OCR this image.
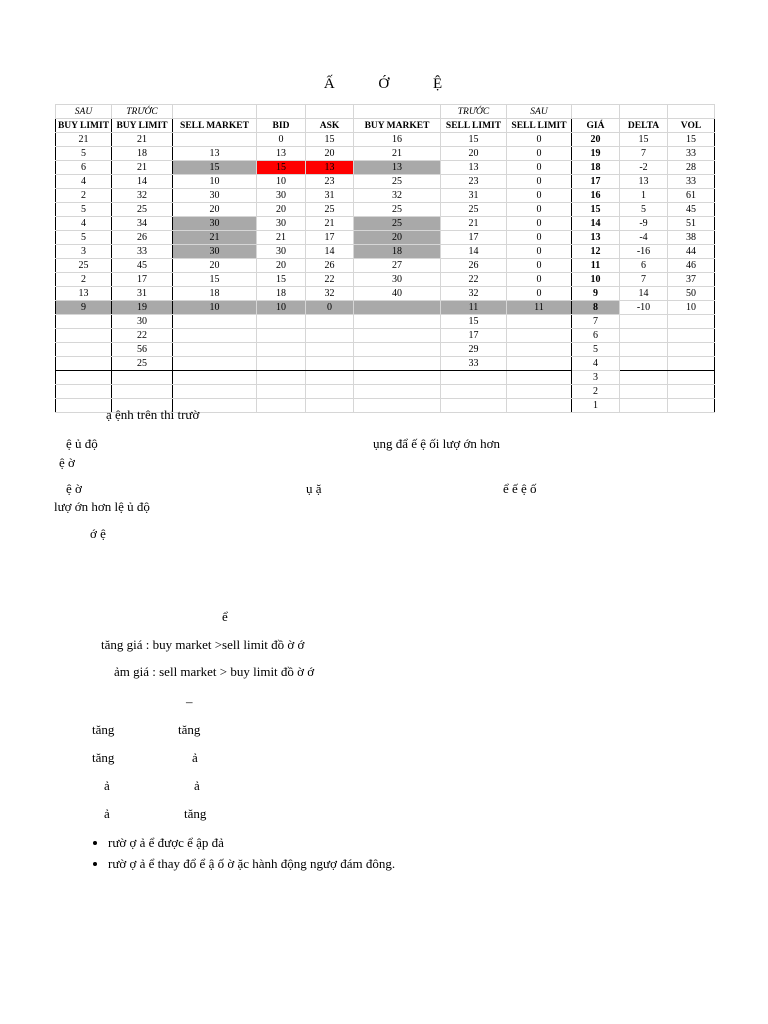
Ấ	Ớ	Ệ
SAU	TRƯỚC					TRƯỚC	SAU			
BUY LIMIT	BUY LIMIT	SELL MARKET	BID	ASK	BUY MARKET	SELL LIMIT	SELL LIMIT	GIÁ	DELTA	VOL
21	21		0	15	16	15	0	20	15	15
5	18	13	13	20	21	20	0	19	7	33
6	21	15	15	13	13	13	0	18	-2	28
4	14	10	10	23	25	23	0	17	13	33
2	32	30	30	31	32	31	0	16	1	61
5	25	20	20	25	25	25	0	15	5	45
4	34	30	30	21	25	21	0	14	-9	51
5	26	21	21	17	20	17	0	13	-4	38
3	33	30	30	14	18	14	0	12	-16	44
25	45	20	20	26	27	26	0	11	6	46
2	17	15	15	22	30	22	0	10	7	37
13	31	18	18	32	40	32	0	9	14	50
9	19	10	10	0		11	11	8	-10	10
	30					15		7		
	22					17		6		
	56					29		5		
	25					33		4		
								3		
								2		
								1		
ạ ệnh trên thi trườ
ệ ủ độ	ụng đẩ ế ệ ối lượ ớn hơn
ệ ờ
ệ ờ	ụ ặ	ể ế ệ ố
lượ ớn hơn lệ ủ độ
ớ ệ
ể
tăng giá : buy market >sell limit đồ ờ ớ
ảm giá : sell market > buy limit đồ ờ ớ
–
tăng	tăng
tăng	ả
ả	ả
ả	tăng
• rườ ợ ả ể được ể ập đả
• rườ ợ ả ể thay đổ ể ậ ố ờ ặc hành động ngượ đám đông.
